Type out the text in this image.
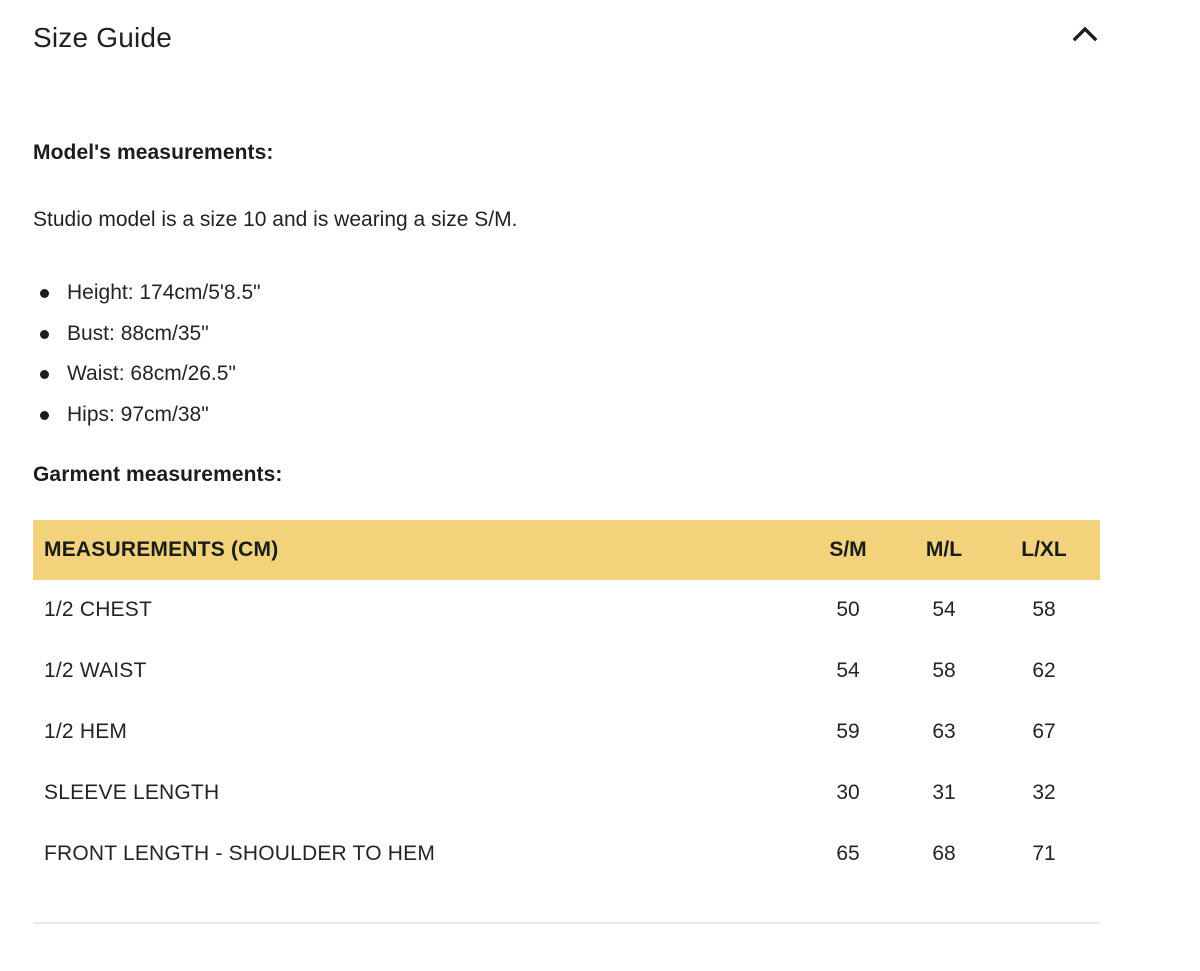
Size Guide
Model's measurements:

Studio model is a size 10 and is wearing a size S/M.

Height: 174cm/5'8.5"
Bust: 88cm/35"
Waist: 68cm/26.5"
Hips: 97cm/38"
Garment measurements:
MEASUREMENTS (CM)	S/M	M/L	L/XL
1/2 CHEST	50	54	58
1/2 WAIST	54	58	62
1/2 HEM	59	63	67
SLEEVE LENGTH	30	31	32
FRONT LENGTH - SHOULDER TO HEM	65	68	71
